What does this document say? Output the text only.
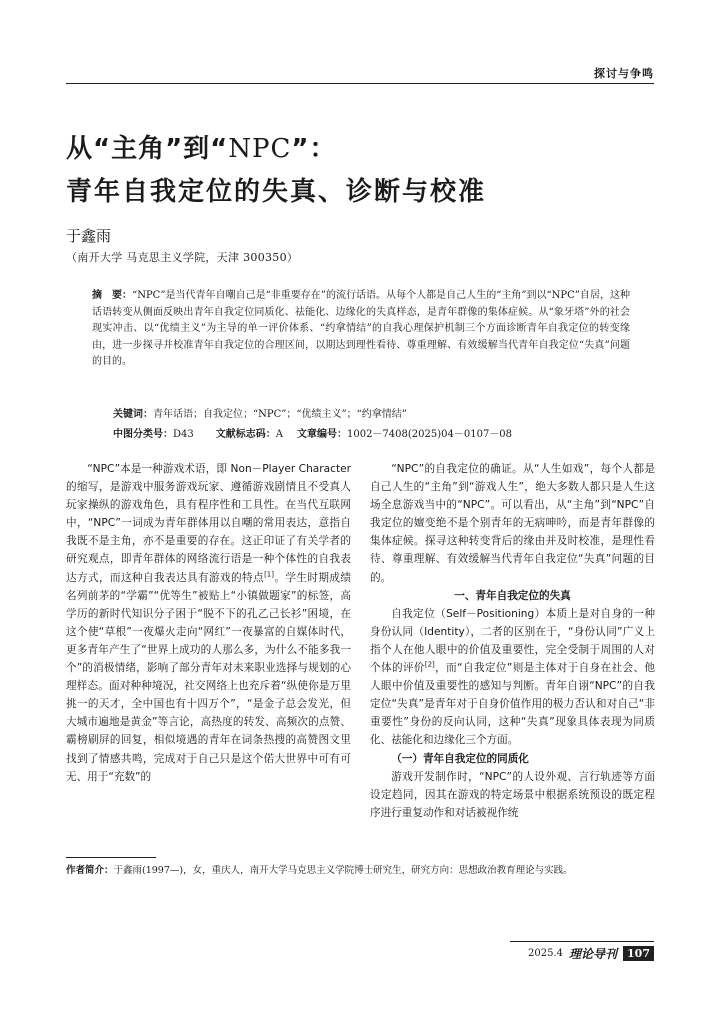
探讨与争鸣
从“主角”到“NPC”：
青年自我定位的失真、诊断与校准
于鑫雨
（南开大学 马克思主义学院，天津 300350）
摘　要：“NPC”是当代青年自嘲自己是“非重要存在”的流行话语。从每个人都是自己人生的“主角”到以“NPC”自居，这种话语转变从侧面反映出青年自我定位同质化、祛能化、边缘化的失真样态，是青年群像的集体症候。从“象牙塔”外的社会现实冲击、以“优绩主义”为主导的单一评价体系、“约拿情结”的自我心理保护机制三个方面诊断青年自我定位的转变缘由，进一步探寻并校准青年自我定位的合理区间，以期达到理性看待、尊重理解、有效缓解当代青年自我定位“失真”问题的目的。
关键词：青年话语；自我定位；“NPC”；“优绩主义”；“约拿情结”
中图分类号：D43 文献标志码：A 文章编号：1002－7408(2025)04－0107－08

“NPC”本是一种游戏术语，即 Non－Player Character 的缩写，是游戏中服务游戏玩家、遵循游戏剧情且不受真人玩家操纵的游戏角色，具有程序性和工具性。在当代互联网中，“NPC”一词成为青年群体用以自嘲的常用表达，意指自我既不是主角，亦不是重要的存在。这正印证了有关学者的研究观点，即青年群体的网络流行语是一种个体性的自我表达方式，而这种自我表达具有游戏的特点[1]。学生时期成绩名列前茅的“学霸”“优等生”被贴上“小镇做题家”的标签，高学历的新时代知识分子困于“脱不下的孔乙己长衫”困境，在这个使“草根”一夜爆火走向“网红”一夜暴富的自媒体时代，更多青年产生了“世界上成功的人那么多，为什么不能多我一个”的消极情绪，影响了部分青年对未来职业选择与规划的心理样态。面对种种境况，社交网络上也充斥着“纵使你是万里挑一的天才，全中国也有十四万个”，“是金子总会发光，但大城市遍地是黄金”等言论，高热度的转发、高频次的点赞、霸榜刷屏的回复，相似境遇的青年在词条热搜的高赞图文里找到了情感共鸣，完成对于自己只是这个偌大世界中可有可无、用于“充数”的

“NPC”的自我定位的确证。从“人生如戏”，每个人都是自己人生的“主角”到“游戏人生”，绝大多数人都只是人生这场全息游戏当中的“NPC”。可以看出，从“主角”到“NPC”自我定位的嬗变绝不是个别青年的无病呻吟，而是青年群像的集体症候。探寻这种转变背后的缘由并及时校准，是理性看待、尊重理解、有效缓解当代青年自我定位“失真”问题的目的。

一、青年自我定位的失真

自我定位（Self－Positioning）本质上是对自身的一种身份认同（Identity），二者的区别在于，“身份认同”广义上指个人在他人眼中的价值及重要性，完全受制于周围的人对个体的评价[2]，而“自我定位”则是主体对于自身在社会、他人眼中价值及重要性的感知与判断。青年自诩“NPC”的自我定位“失真”是青年对于自身价值作用的极力否认和对自己“非重要性”身份的反向认同，这种“失真”现象具体表现为同质化、祛能化和边缘化三个方面。

（一）青年自我定位的同质化

游戏开发制作时，“NPC”的人设外观、言行轨迹等方面设定趋同，因其在游戏的特定场景中根据系统预设的既定程序进行重复动作和对话被视作统

作者简介：于鑫雨(1997—)，女，重庆人，南开大学马克思主义学院博士研究生，研究方向：思想政治教育理论与实践。
2025.4 理论导刊 107
